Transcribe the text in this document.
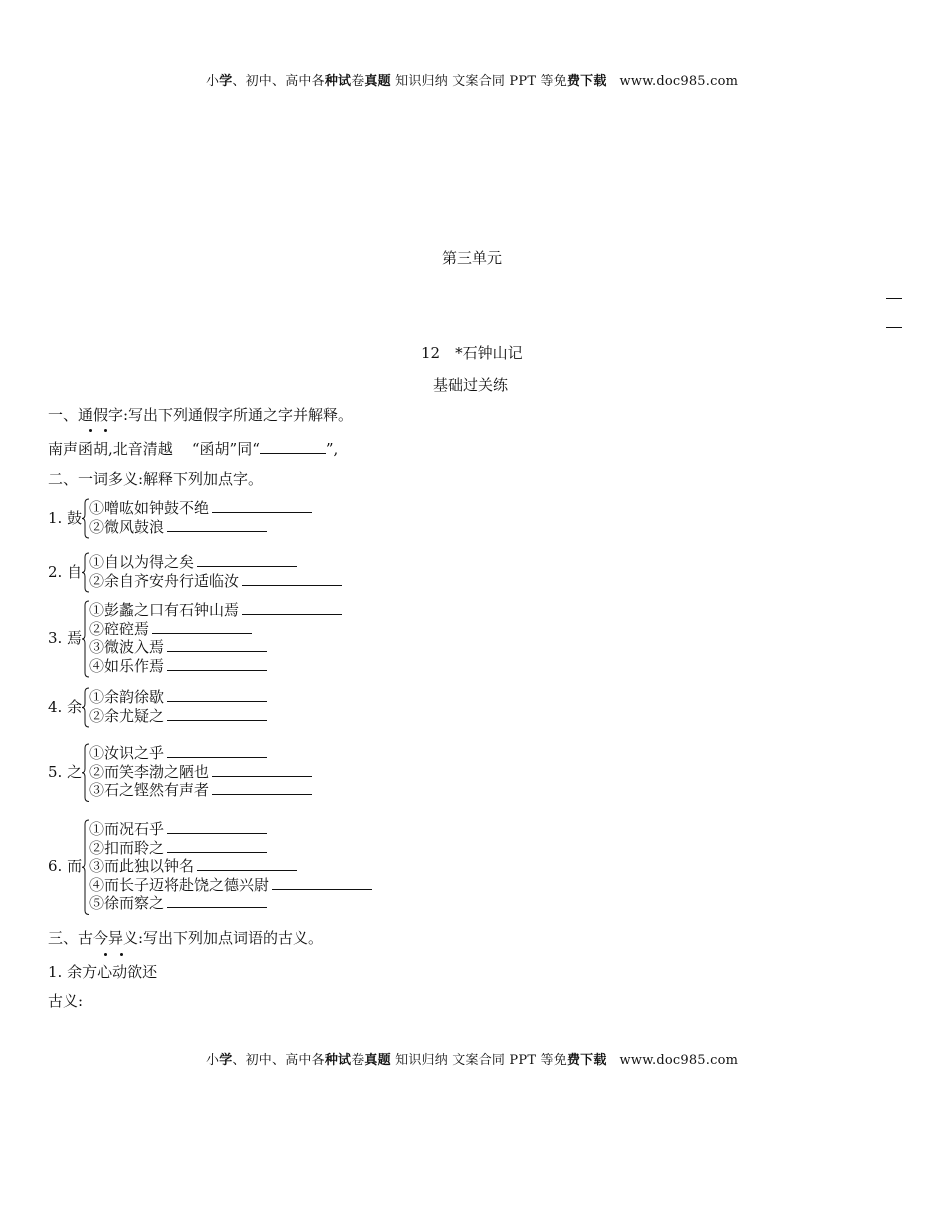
小学、初中、高中各种试卷真题 知识归纳 文案合同 PPT 等免费下载 www.doc985.com
第三单元
12　*石钟山记
基础过关练
一、通假字:写出下列通假字所通之字并解释。
南声函胡,北音清越 “函胡”同“	”,
二、一词多义:解释下列加点字。
1. 鼓
①噌吰如钟鼓不绝
②微风鼓浪
2. 自
①自以为得之矣
②余自齐安舟行适临汝
3. 焉
①彭蠡之口有石钟山焉
②硿硿焉
③微波入焉
④如乐作焉
4. 余
①余韵徐歇
②余尤疑之
5. 之
①汝识之乎
②而笑李渤之陋也
③石之铿然有声者
6. 而
①而况石乎
②扣而聆之
③而此独以钟名
④而长子迈将赴饶之德兴尉
⑤徐而察之
三、古今异义:写出下列加点词语的古义。
1. 余方心动欲还
古义:
小学、初中、高中各种试卷真题 知识归纳 文案合同 PPT 等免费下载 www.doc985.com
